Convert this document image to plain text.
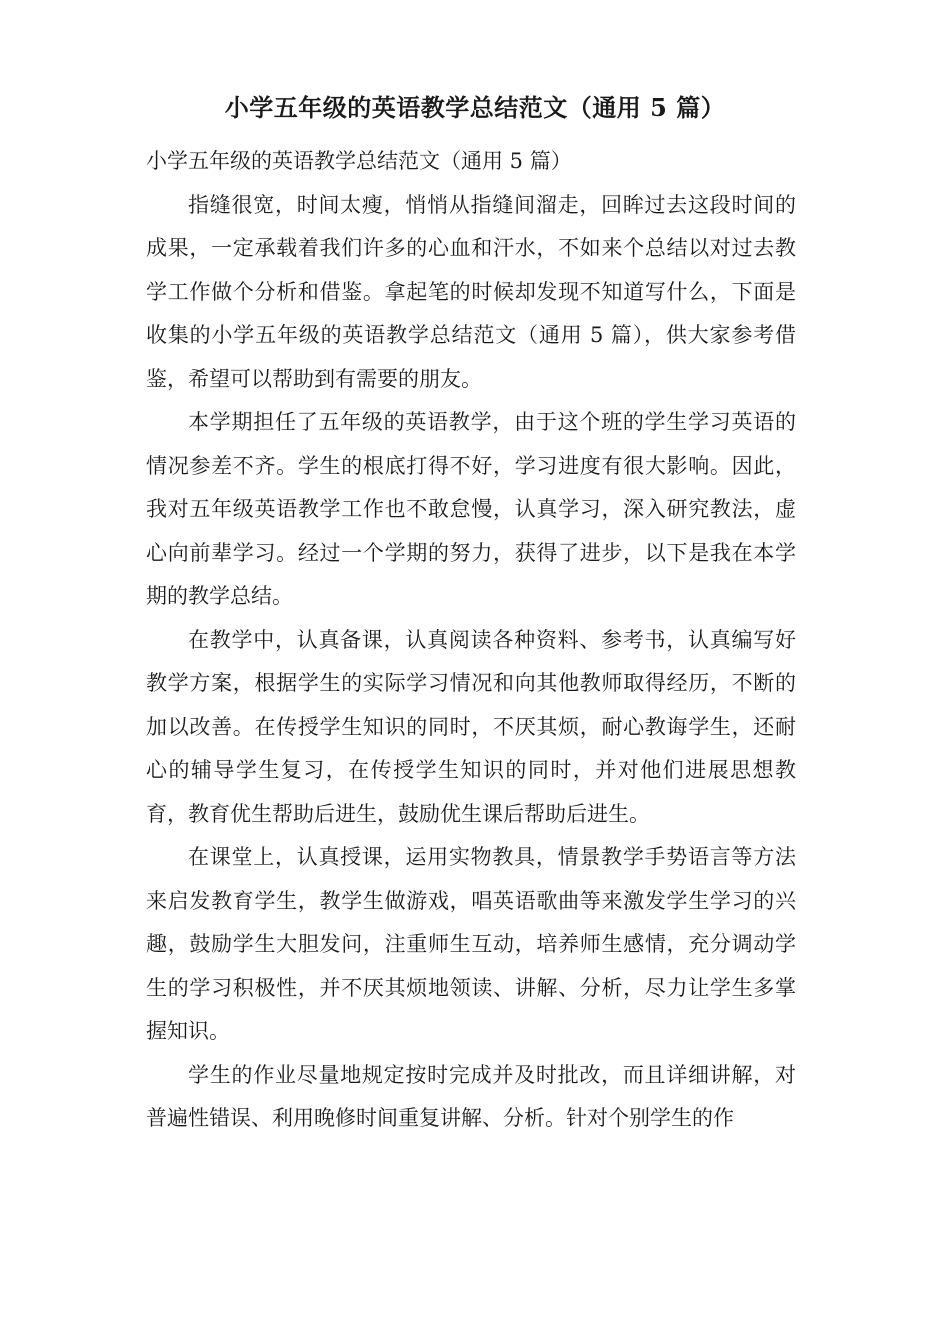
小学五年级的英语教学总结范文（通用 5 篇）

小学五年级的英语教学总结范文（通用 5 篇）

指缝很宽，时间太瘦，悄悄从指缝间溜走，回眸过去这段时间的成果，一定承载着我们许多的心血和汗水，不如来个总结以对过去教学工作做个分析和借鉴。拿起笔的时候却发现不知道写什么，下面是收集的小学五年级的英语教学总结范文（通用 5 篇），供大家参考借鉴，希望可以帮助到有需要的朋友。

本学期担任了五年级的英语教学，由于这个班的学生学习英语的情况参差不齐。学生的根底打得不好，学习进度有很大影响。因此，我对五年级英语教学工作也不敢怠慢，认真学习，深入研究教法，虚心向前辈学习。经过一个学期的努力，获得了进步，以下是我在本学期的教学总结。

在教学中，认真备课，认真阅读各种资料、参考书，认真编写好教学方案，根据学生的实际学习情况和向其他教师取得经历，不断的加以改善。在传授学生知识的同时，不厌其烦，耐心教诲学生，还耐心的辅导学生复习，在传授学生知识的同时，并对他们进展思想教育，教育优生帮助后进生，鼓励优生课后帮助后进生。

在课堂上，认真授课，运用实物教具，情景教学手势语言等方法来启发教育学生，教学生做游戏，唱英语歌曲等来激发学生学习的兴趣，鼓励学生大胆发问，注重师生互动，培养师生感情，充分调动学生的学习积极性，并不厌其烦地领读、讲解、分析，尽力让学生多掌握知识。

学生的作业尽量地规定按时完成并及时批改，而且详细讲解，对普遍性错误、利用晚修时间重复讲解、分析。针对个别学生的作
